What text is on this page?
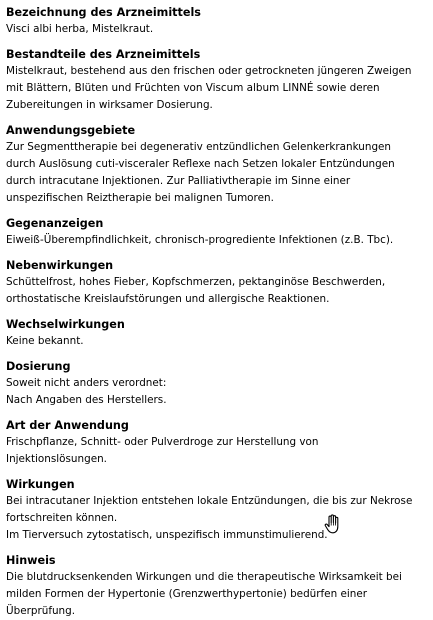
Bezeichnung des Arzneimittels
Visci albi herba, Mistelkraut.
Bestandteile des Arzneimittels
Mistelkraut, bestehend aus den frischen oder getrockneten jüngeren Zweigen
mit Blättern, Blüten und Früchten von Viscum album LINNÉ sowie deren
Zubereitungen in wirksamer Dosierung.
Anwendungsgebiete
Zur Segmenttherapie bei degenerativ entzündlichen Gelenkerkrankungen
durch Auslösung cuti-visceraler Reflexe nach Setzen lokaler Entzündungen
durch intracutane Injektionen. Zur Palliativtherapie im Sinne einer
unspezifischen Reiztherapie bei malignen Tumoren.
Gegenanzeigen
Eiweiß-Überempfindlichkeit, chronisch-progrediente Infektionen (z.B. Tbc).
Nebenwirkungen
Schüttelfrost, hohes Fieber, Kopfschmerzen, pektanginöse Beschwerden,
orthostatische Kreislaufstörungen und allergische Reaktionen.
Wechselwirkungen
Keine bekannt.
Dosierung
Soweit nicht anders verordnet:
Nach Angaben des Herstellers.
Art der Anwendung
Frischpflanze, Schnitt- oder Pulverdroge zur Herstellung von
Injektionslösungen.
Wirkungen
Bei intracutaner Injektion entstehen lokale Entzündungen, die bis zur Nekrose
fortschreiten können.
Im Tierversuch zytostatisch, unspezifisch immunstimulierend.
Hinweis
Die blutdrucksenkenden Wirkungen und die therapeutische Wirksamkeit bei
milden Formen der Hypertonie (Grenzwerthypertonie) bedürfen einer
Überprüfung.
